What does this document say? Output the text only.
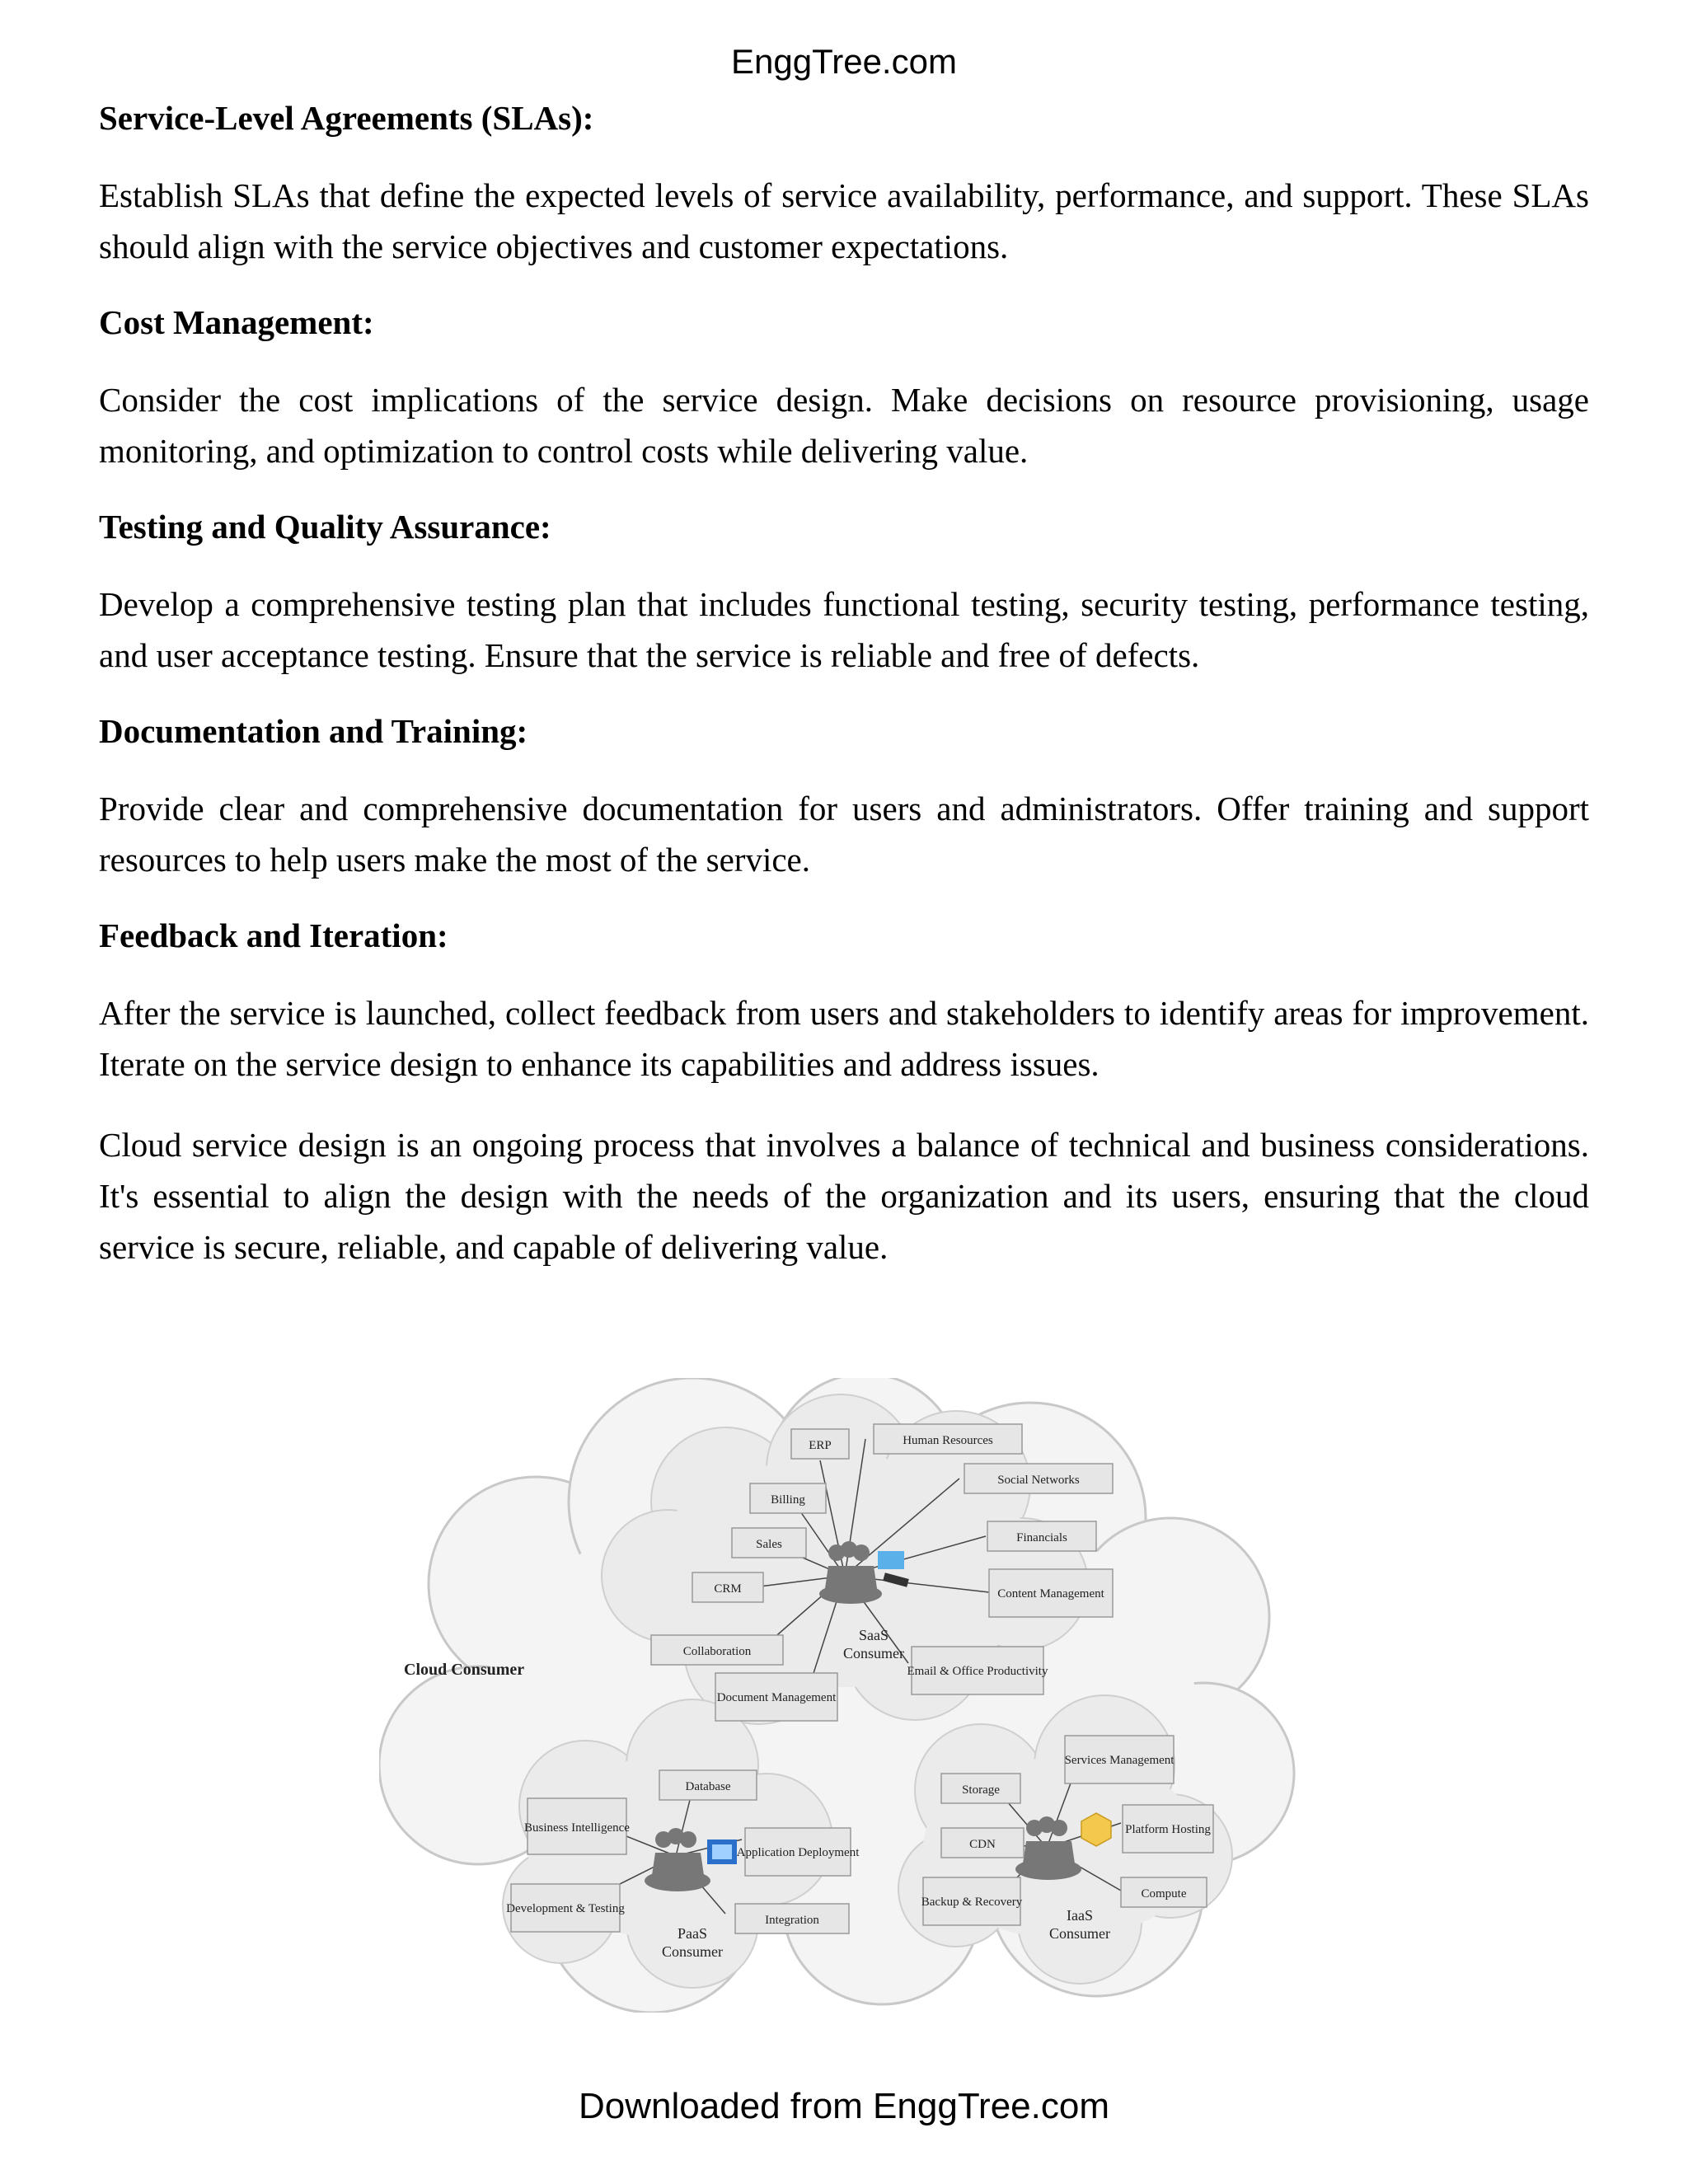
EnggTree.com
Service-Level Agreements (SLAs):

Establish SLAs that define the expected levels of service availability, performance, and support. These SLAs should align with the service objectives and customer expectations.

Cost Management:

Consider the cost implications of the service design. Make decisions on resource provisioning, usage monitoring, and optimization to control costs while delivering value.

Testing and Quality Assurance:

Develop a comprehensive testing plan that includes functional testing, security testing, performance testing, and user acceptance testing. Ensure that the service is reliable and free of defects.

Documentation and Training:

Provide clear and comprehensive documentation for users and administrators. Offer training and support resources to help users make the most of the service.

Feedback and Iteration:

After the service is launched, collect feedback from users and stakeholders to identify areas for improvement. Iterate on the service design to enhance its capabilities and address issues.

Cloud service design is an ongoing process that involves a balance of technical and business considerations. It's essential to align the design with the needs of the organization and its users, ensuring that the cloud service is secure, reliable, and capable of delivering value.

ERP	Human Resources
Billing
Social Networks
Sales	Financials
CRM	Content Management
Collaboration
Email & Office Productivity
Document Management
SaaS
Consumer
Database
Business Intelligence
Application Deployment
Development & Testing
Integration
PaaS
Consumer
Storage
Services Management
CDN
Platform Hosting
Backup & Recovery
Compute
IaaS
Consumer
Cloud Consumer
Downloaded from EnggTree.com
